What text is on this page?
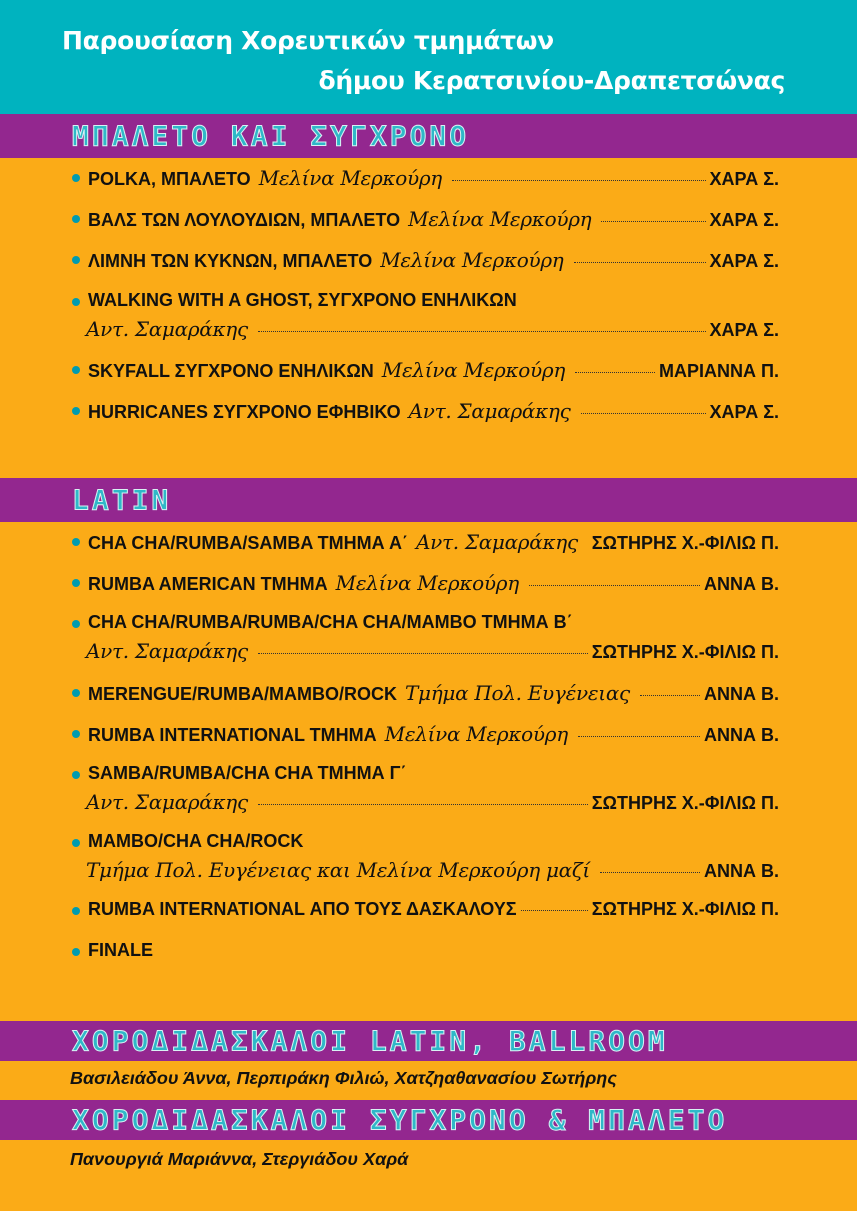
Παρουσίαση Χορευτικών τμημάτων
δήμου Κερατσινίου-Δραπετσώνας
ΜΠΑΛΕΤΟ ΚΑΙ ΣΥΓΧΡΟΝΟ
POLKA, ΜΠΑΛΕΤΟ Μελίνα Μερκούρη	ΧΑΡΑ Σ.
ΒΑΛΣ ΤΩΝ ΛΟΥΛΟΥΔΙΩΝ, ΜΠΑΛΕΤΟ Μελίνα Μερκούρη	ΧΑΡΑ Σ.
ΛΙΜΝΗ ΤΩΝ ΚΥΚΝΩΝ, ΜΠΑΛΕΤΟ Μελίνα Μερκούρη	ΧΑΡΑ Σ.
WALKING WITH A GHOST, ΣΥΓΧΡΟΝΟ ΕΝΗΛΙΚΩΝ
Αντ. Σαμαράκης	ΧΑΡΑ Σ.
SKYFALL ΣΥΓΧΡΟΝΟ ΕΝΗΛΙΚΩΝ Μελίνα Μερκούρη	ΜΑΡΙΑΝΝΑ Π.
HURRICANES ΣΥΓΧΡΟΝΟ ΕΦΗΒΙΚΟ Αντ. Σαμαράκης	ΧΑΡΑ Σ.
LATIN
CHA CHA/RUMBA/SAMBA ΤΜΗΜΑ Α΄ Αντ. Σαμαράκης ΣΩΤΗΡΗΣ Χ.-ΦΙΛΙΩ Π.
RUMBA AMERICAN ΤΜΗΜΑ Μελίνα Μερκούρη	ΑΝΝΑ Β.
CHA CHA/RUMBA/RUMBA/CHA CHA/MAMBO ΤΜΗΜΑ Β΄
Αντ. Σαμαράκης	ΣΩΤΗΡΗΣ Χ.-ΦΙΛΙΩ Π.
MERENGUE/RUMBA/MAMBO/ROCK Τμήμα Πολ. Ευγένειας	ΑΝΝΑ Β.
RUMBA INTERNATIONAL ΤΜΗΜΑ Μελίνα Μερκούρη	ΑΝΝΑ Β.
SAMBA/RUMBA/CHA CHA ΤΜΗΜΑ Γ΄
Αντ. Σαμαράκης	ΣΩΤΗΡΗΣ Χ.-ΦΙΛΙΩ Π.
MAMBO/CHA CHA/ROCK
Τμήμα Πολ. Ευγένειας και Μελίνα Μερκούρη μαζί	ΑΝΝΑ Β.
RUMBA INTERNATIONAL ΑΠΟ ΤΟΥΣ ΔΑΣΚΑΛΟΥΣ	ΣΩΤΗΡΗΣ Χ.-ΦΙΛΙΩ Π.
FINALE
ΧΟΡΟΔΙΔΑΣΚΑΛΟΙ LATIN, BALLROOM
Βασιλειάδου Άννα, Περπιράκη Φιλιώ, Χατζηαθανασίου Σωτήρης
ΧΟΡΟΔΙΔΑΣΚΑΛΟΙ ΣΥΓΧΡΟΝΟ & ΜΠΑΛΕΤΟ
Πανουργιά Μαριάννα, Στεργιάδου Χαρά
